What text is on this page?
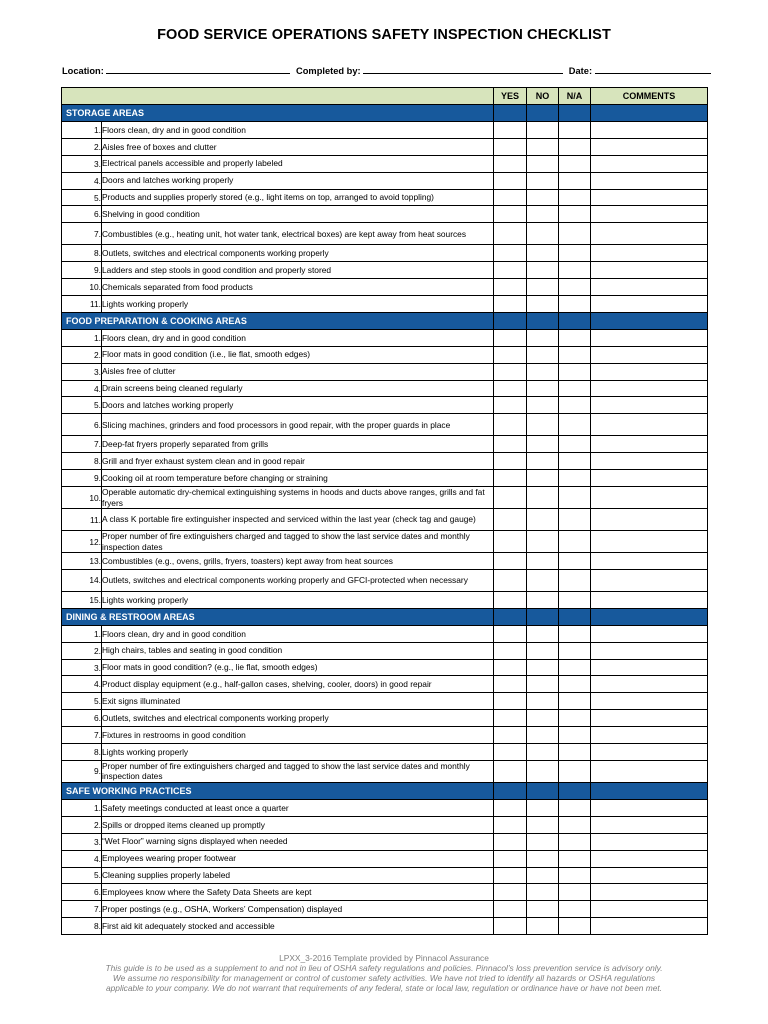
FOOD SERVICE OPERATIONS SAFETY INSPECTION CHECKLIST
Location:	Completed by:	Date:
		YES	NO	N/A	COMMENTS
STORAGE AREAS					
1.	Floors clean, dry and in good condition				
2.	Aisles free of boxes and clutter				
3.	Electrical panels accessible and properly labeled				
4.	Doors and latches working properly				
5.	Products and supplies properly stored (e.g., light items on top, arranged to avoid toppling)				
6.	Shelving in good condition				
7.	Combustibles (e.g., heating unit, hot water tank, electrical boxes) are kept away from heat sources				
8.	Outlets, switches and electrical components working properly				
9.	Ladders and step stools in good condition and properly stored				
10.	Chemicals separated from food products				
11.	Lights working properly				
FOOD PREPARATION & COOKING AREAS					
1.	Floors clean, dry and in good condition				
2.	Floor mats in good condition (i.e., lie flat, smooth edges)				
3.	Aisles free of clutter				
4.	Drain screens being cleaned regularly				
5.	Doors and latches working properly				
6.	Slicing machines, grinders and food processors in good repair, with the proper guards in place				
7.	Deep-fat fryers properly separated from grills				
8.	Grill and fryer exhaust system clean and in good repair				
9.	Cooking oil at room temperature before changing or straining				
10.	Operable automatic dry-chemical extinguishing systems in hoods and ducts above ranges, grills and fat fryers				
11.	A class K portable fire extinguisher inspected and serviced within the last year (check tag and gauge)				
12.	Proper number of fire extinguishers charged and tagged to show the last service dates and monthly inspection dates				
13.	Combustibles (e.g., ovens, grills, fryers, toasters) kept away from heat sources				
14.	Outlets, switches and electrical components working properly and GFCI-protected when necessary				
15.	Lights working properly				
DINING & RESTROOM AREAS					
1.	Floors clean, dry and in good condition				
2.	High chairs, tables and seating in good condition				
3.	Floor mats in good condition? (e.g., lie flat, smooth edges)				
4.	Product display equipment (e.g., half-gallon cases, shelving, cooler, doors) in good repair				
5.	Exit signs illuminated				
6.	Outlets, switches and electrical components working properly				
7.	Fixtures in restrooms in good condition				
8.	Lights working properly				
9.	Proper number of fire extinguishers charged and tagged to show the last service dates and monthly inspection dates				
SAFE WORKING PRACTICES					
1.	Safety meetings conducted at least once a quarter				
2.	Spills or dropped items cleaned up promptly				
3.	“Wet Floor” warning signs displayed when needed				
4.	Employees wearing proper footwear				
5.	Cleaning supplies properly labeled				
6.	Employees know where the Safety Data Sheets are kept				
7.	Proper postings (e.g., OSHA, Workers’ Compensation) displayed				
8.	First aid kit adequately stocked and accessible				
LPXX_3-2016 Template provided by Pinnacol Assurance
This guide is to be used as a supplement to and not in lieu of OSHA safety regulations and policies. Pinnacol’s loss prevention service is advisory only.
We assume no responsibility for management or control of customer safety activities. We have not tried to identify all hazards or OSHA regulations
applicable to your company. We do not warrant that requirements of any federal, state or local law, regulation or ordinance have or have not been met.
